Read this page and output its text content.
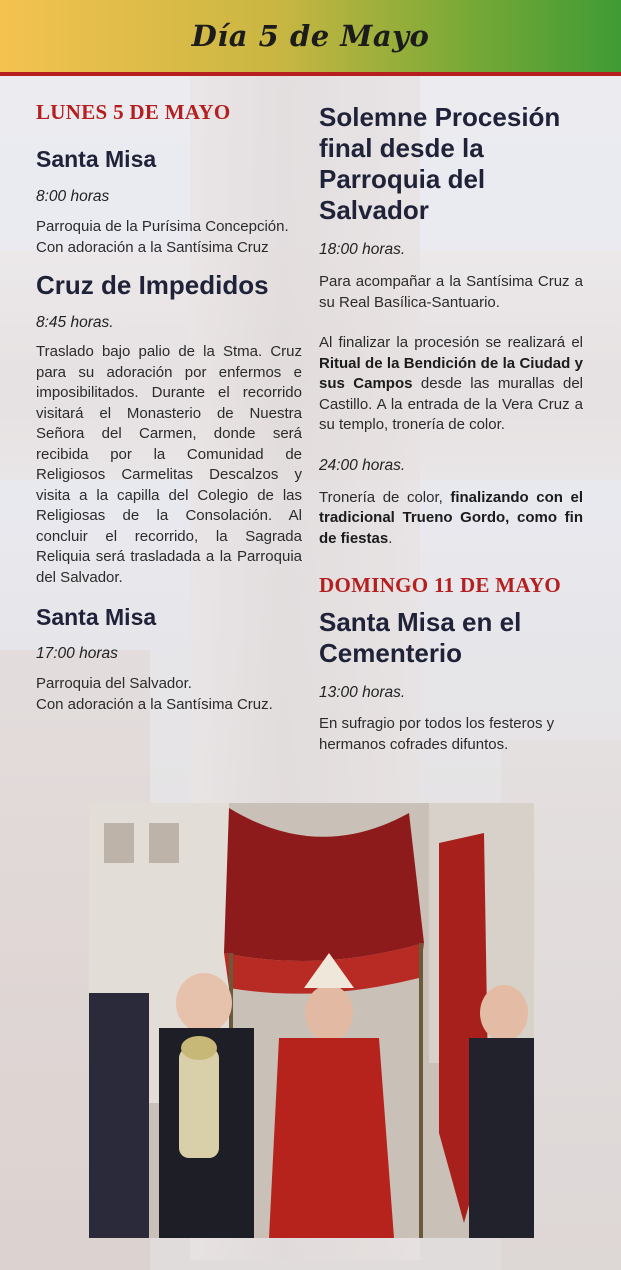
Día 5 de Mayo
LUNES 5 DE MAYO
Santa Misa

8:00 horas

Parroquia de la Purísima Concepción.
Con adoración a la Santísima Cruz

Cruz de Impedidos

8:45 horas.

Traslado bajo palio de la Stma. Cruz para su adoración por enfermos e imposibilitados. Durante el recorrido visitará el Monasterio de Nuestra Señora del Carmen, donde será recibida por la Comunidad de Religiosos Carmelitas Descalzos y visita a la capilla del Colegio de las Religiosas de la Consolación. Al concluir el recorrido, la Sagrada Reliquia será trasladada a la Parroquia del Salvador.

Santa Misa

17:00 horas

Parroquia del Salvador.
Con adoración a la Santísima Cruz.

Solemne Procesión final desde la Parroquia del Salvador

18:00 horas.

Para acompañar a la Santísima Cruz a su Real Basílica-Santuario.

Al finalizar la procesión se realizará el Ritual de la Bendición de la Ciudad y sus Campos desde las murallas del Castillo. A la entrada de la Vera Cruz a su templo, tronería de color.

24:00 horas.

Tronería de color, finalizando con el tradicional Trueno Gordo, como fin de fiestas.

DOMINGO 11 DE MAYO
Santa Misa en el Cementerio

13:00 horas.

En sufragio por todos los festeros y hermanos cofrades difuntos.
